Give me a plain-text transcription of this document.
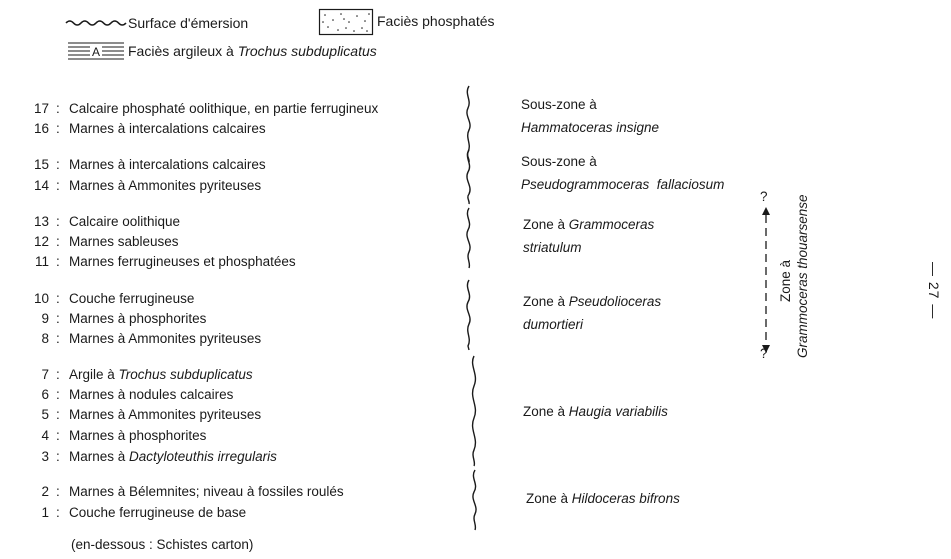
Surface d'émersion	Faciès phosphatés
A Faciès argileux à Trochus subduplicatus
17 : Calcaire phosphaté oolithique, en partie ferrugineux
16 : Marnes à intercalations calcaires
15 : Marnes à intercalations calcaires
14 : Marnes à Ammonites pyriteuses
13 : Calcaire oolithique
12 : Marnes sableuses
11 : Marnes ferrugineuses et phosphatées
10 : Couche ferrugineuse
9 : Marnes à phosphorites
8 : Marnes à Ammonites pyriteuses
7 : Argile à Trochus subduplicatus
6 : Marnes à nodules calcaires
5 : Marnes à Ammonites pyriteuses
4 : Marnes à phosphorites
3 : Marnes à Dactyloteuthis irregularis
2 : Marnes à Bélemnites; niveau à fossiles roulés
1 : Couche ferrugineuse de base
(en-dessous : Schistes carton)
Sous-zone à
Hammatoceras insigne
Sous-zone à
Pseudogrammoceras  fallaciosum
Zone à Grammoceras
striatulum
Zone à Pseudolioceras
dumortieri
Zone à Haugia variabilis
Zone à Hildoceras bifrons
?
?
Zone à Grammoceras thouarsense	— 27 —
